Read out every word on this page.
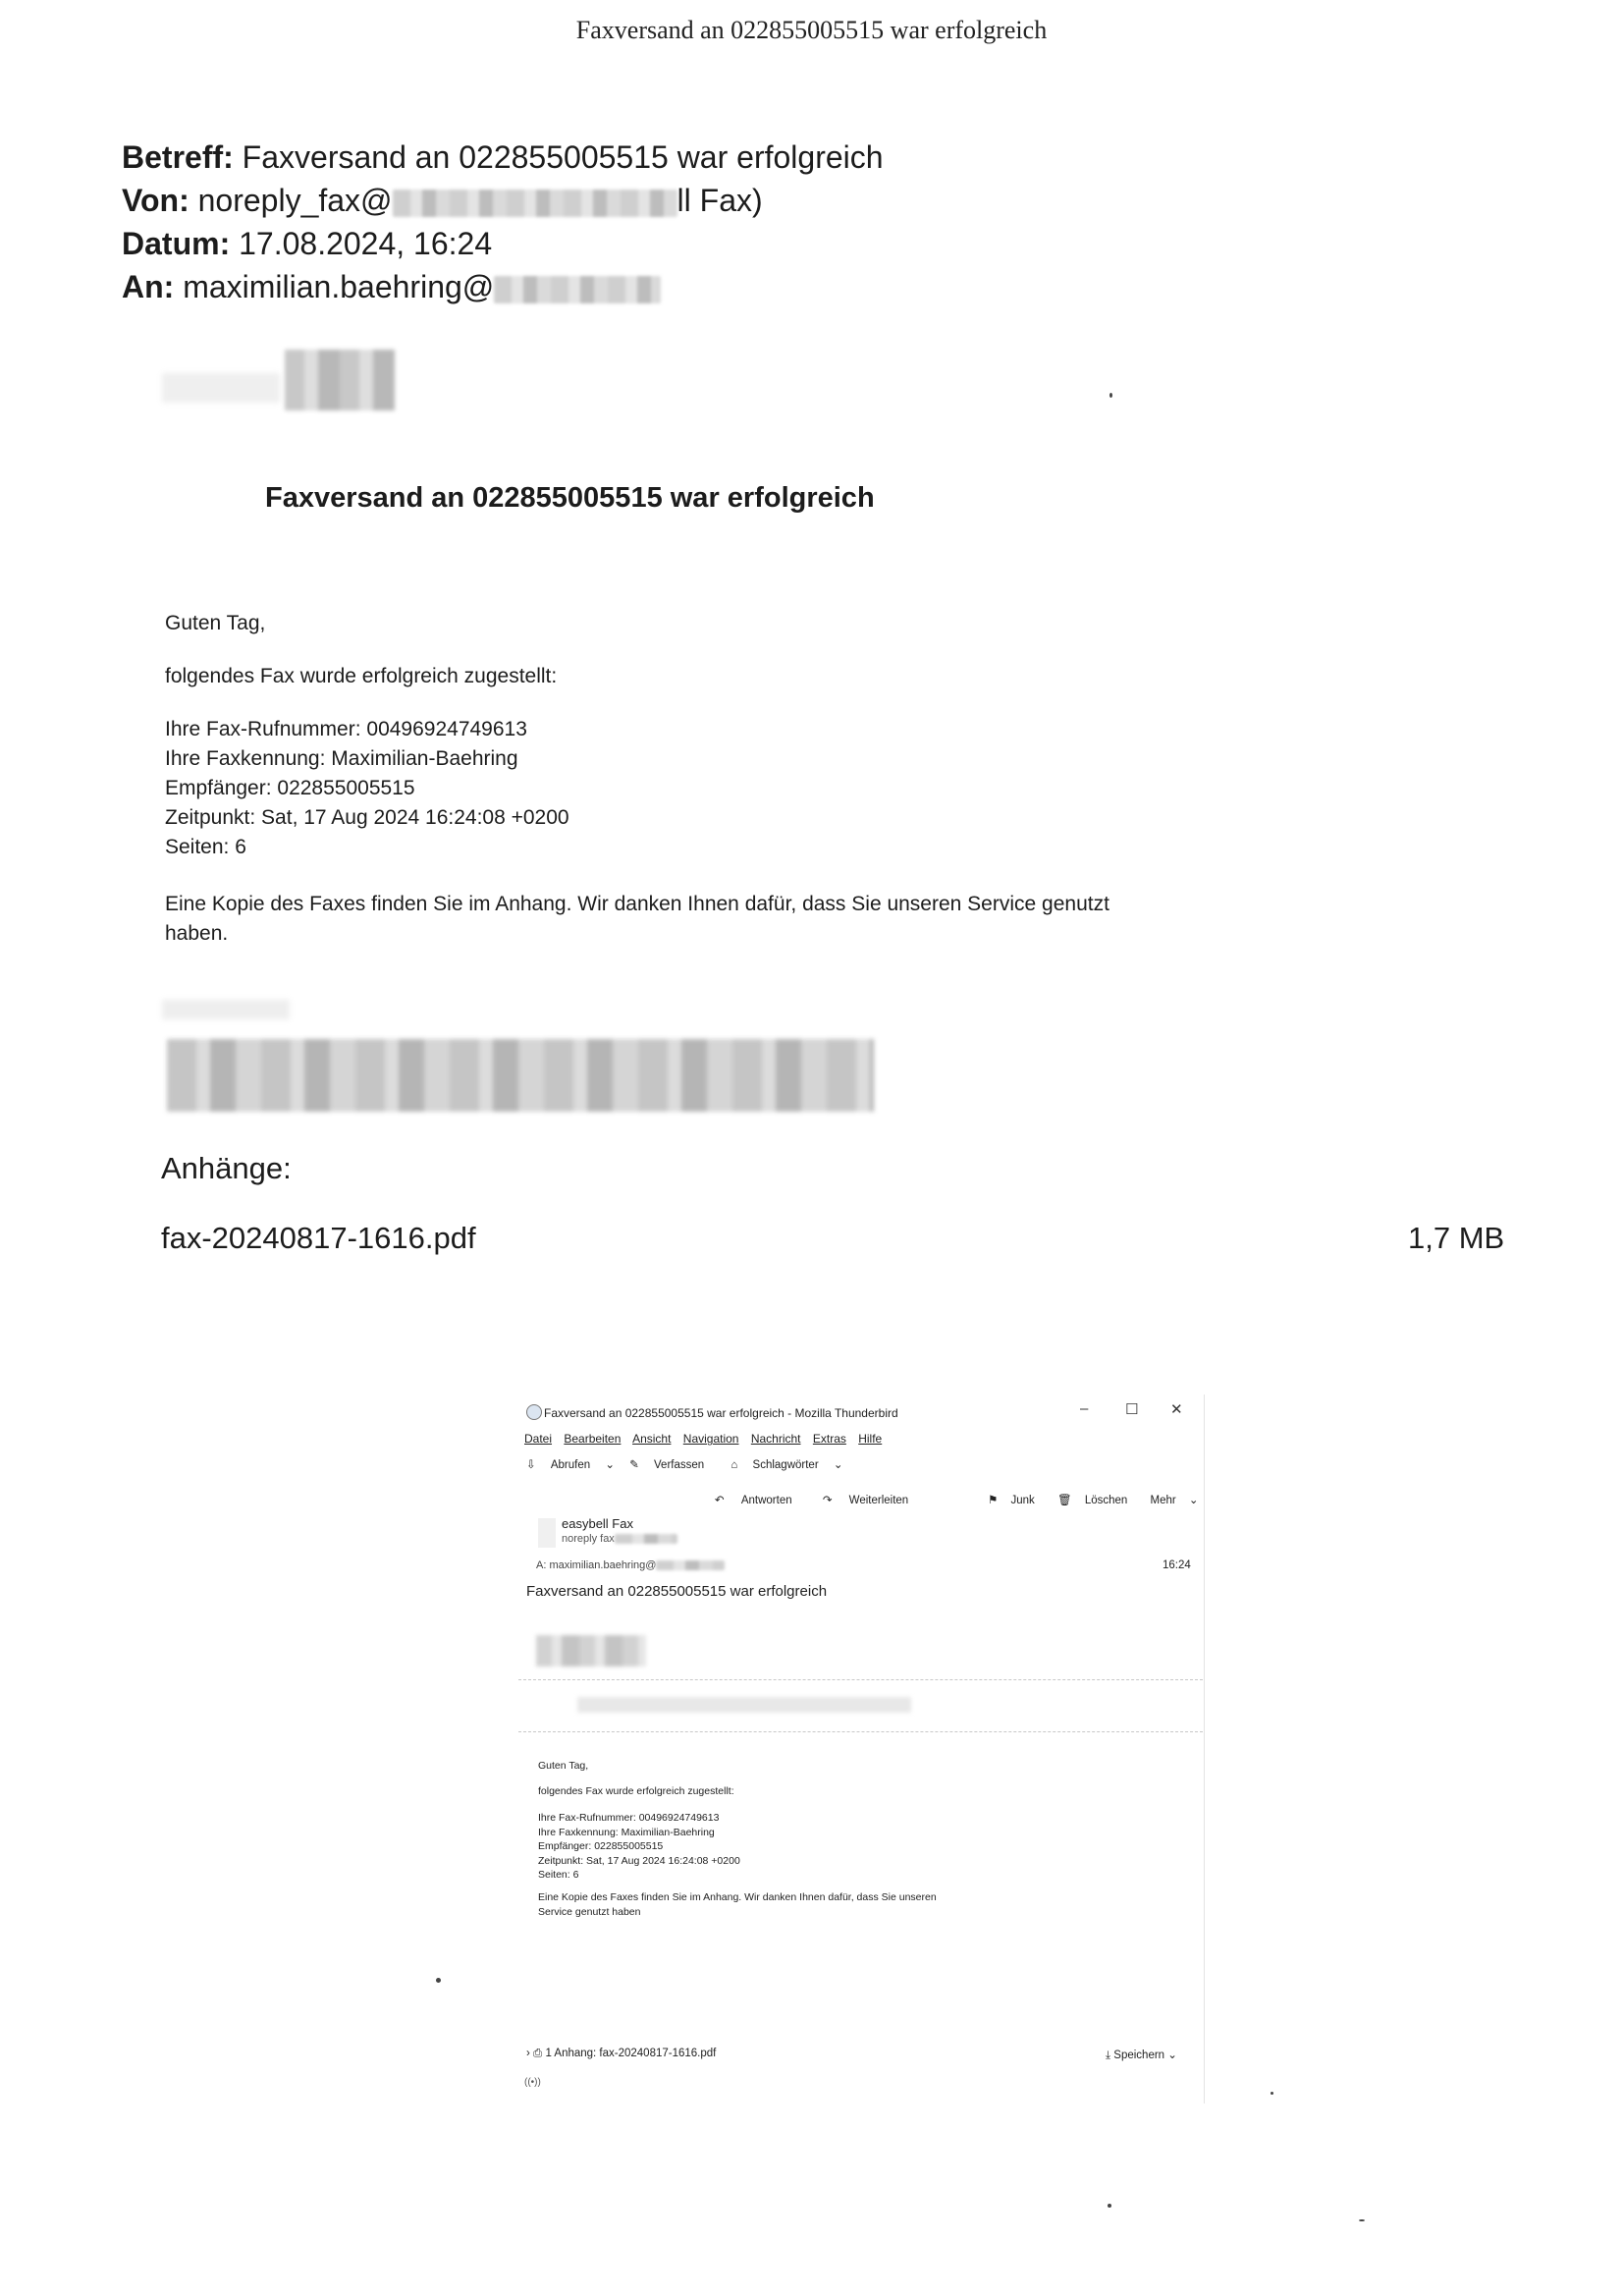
Faxversand an 022855005515 war erfolgreich
Betreff: Faxversand an 022855005515 war erfolgreich
Von: noreply_fax@	ll Fax)
Datum: 17.08.2024, 16:24
An: maximilian.baehring@
Faxversand an 022855005515 war erfolgreich
Guten Tag,
folgendes Fax wurde erfolgreich zugestellt:
Ihre Fax-Rufnummer: 00496924749613
Ihre Faxkennung: Maximilian-Baehring
Empfänger: 022855005515
Zeitpunkt: Sat, 17 Aug 2024 16:24:08 +0200
Seiten: 6
Eine Kopie des Faxes finden Sie im Anhang. Wir danken Ihnen dafür, dass Sie unseren Service genutzt
haben.
Anhänge:
fax-20240817-1616.pdf	1,7 MB
Faxversand an 022855005515 war erfolgreich - Mozilla Thunderbird	–	☐ ✕
Datei Bearbeiten Ansicht Navigation Nachricht Extras Hilfe
⇩ Abrufen ⌄ ✎ Verfassen ⌂ Schlagwörter ⌄
↶ Antworten	↷ Weiterleiten	⚑ Junk 🗑 Löschen Mehr ⌄
easybell Fax
noreply fax
A: maximilian.baehring@	16:24
Faxversand an 022855005515 war erfolgreich
Guten Tag,
folgendes Fax wurde erfolgreich zugestellt:
Ihre Fax-Rufnummer: 00496924749613
Ihre Faxkennung: Maximilian-Baehring
Empfänger: 022855005515
Zeitpunkt: Sat, 17 Aug 2024 16:24:08 +0200
Seiten: 6
Eine Kopie des Faxes finden Sie im Anhang. Wir danken Ihnen dafür, dass Sie unseren
Service genutzt haben
› ⎙ 1 Anhang: fax-20240817-1616.pdf	⤓ Speichern ⌄
((•))
